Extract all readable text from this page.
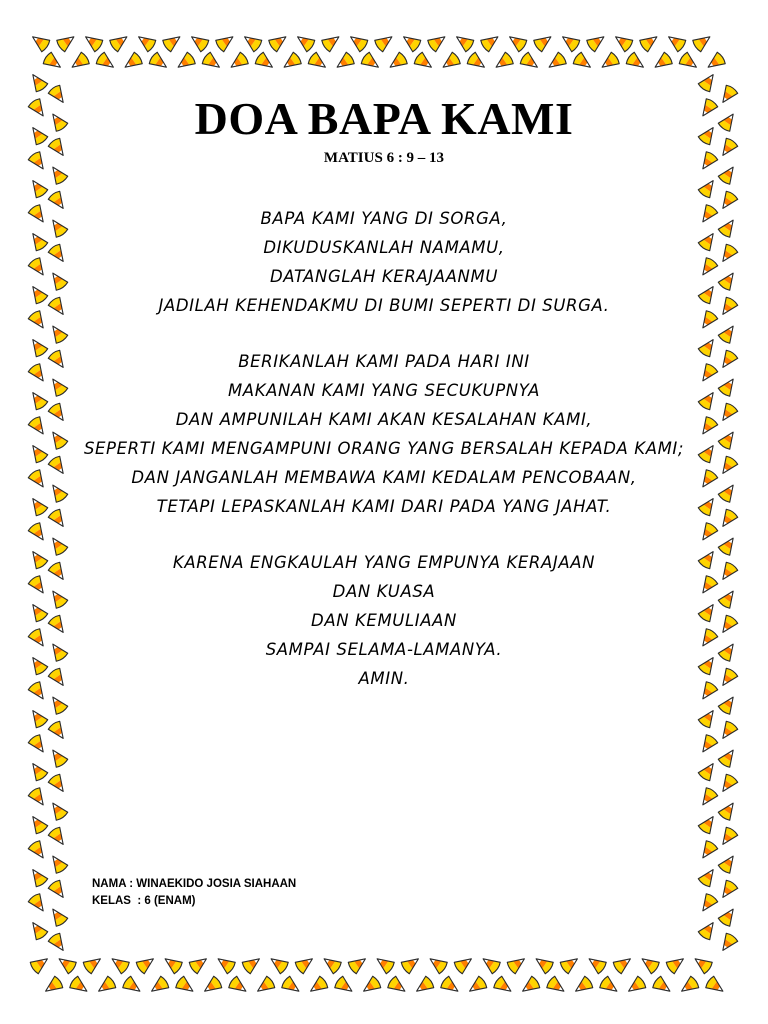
DOA BAPA KAMI
MATIUS 6 : 9 – 13
BAPA KAMI YANG DI SORGA,
DIKUDUSKANLAH NAMAMU,
DATANGLAH KERAJAANMU
JADILAH KEHENDAKMU DI BUMI SEPERTI DI SURGA.
BERIKANLAH KAMI PADA HARI INI
MAKANAN KAMI YANG SECUKUPNYA
DAN AMPUNILAH KAMI AKAN KESALAHAN KAMI,
SEPERTI KAMI MENGAMPUNI ORANG YANG BERSALAH KEPADA KAMI;
DAN JANGANLAH MEMBAWA KAMI KEDALAM PENCOBAAN,
TETAPI LEPASKANLAH KAMI DARI PADA YANG JAHAT.
KARENA ENGKAULAH YANG EMPUNYA KERAJAAN
DAN KUASA
DAN KEMULIAAN
SAMPAI SELAMA-LAMANYA.
AMIN.
NAMA : WINAEKIDO JOSIA SIAHAAN
KELAS  : 6 (ENAM)
